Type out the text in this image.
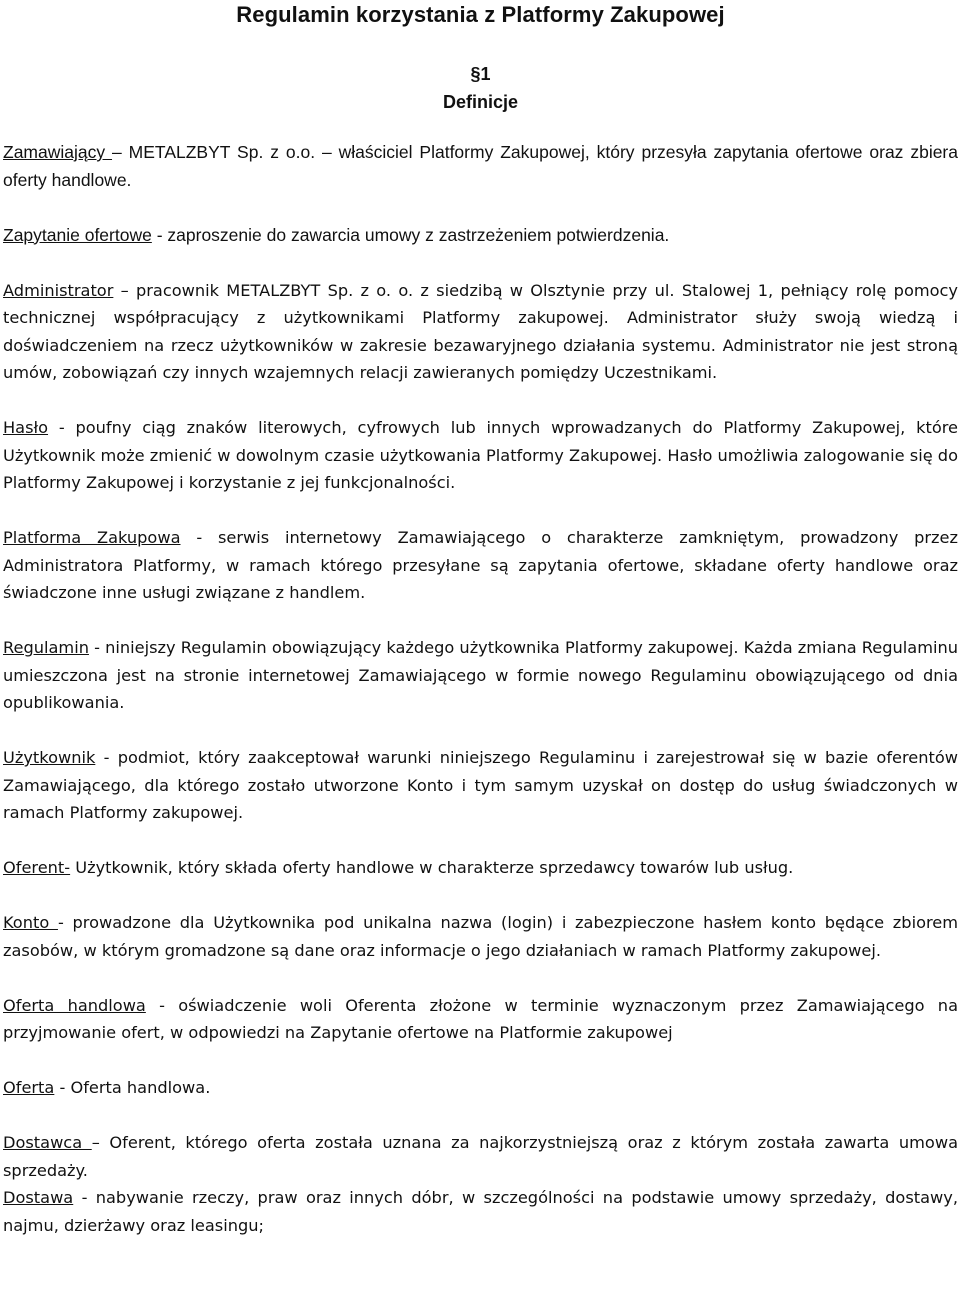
Regulamin korzystania z Platformy Zakupowej
§1
Definicje

Zamawiający – METALZBYT Sp. z o.o. – właściciel Platformy Zakupowej, który przesyła zapytania ofertowe oraz zbiera oferty handlowe.

Zapytanie ofertowe - zaproszenie do zawarcia umowy z zastrzeżeniem potwierdzenia.

Administrator – pracownik METALZBYT Sp. z o. o. z siedzibą w Olsztynie przy ul. Stalowej 1, pełniący rolę pomocy technicznej współpracujący z użytkownikami Platformy zakupowej. Administrator służy swoją wiedzą i doświadczeniem na rzecz użytkowników w zakresie bezawaryjnego działania systemu. Administrator nie jest stroną umów, zobowiązań czy innych wzajemnych relacji zawieranych pomiędzy Uczestnikami.

Hasło - poufny ciąg znaków literowych, cyfrowych lub innych wprowadzanych do Platformy Zakupowej, które Użytkownik może zmienić w dowolnym czasie użytkowania Platformy Zakupowej. Hasło umożliwia zalogowanie się do Platformy Zakupowej i korzystanie z jej funkcjonalności.

Platforma Zakupowa - serwis internetowy Zamawiającego o charakterze zamkniętym, prowadzony przez Administratora Platformy, w ramach którego przesyłane są zapytania ofertowe, składane oferty handlowe oraz świadczone inne usługi związane z handlem.

Regulamin - niniejszy Regulamin obowiązujący każdego użytkownika Platformy zakupowej. Każda zmiana Regulaminu umieszczona jest na stronie internetowej Zamawiającego w formie nowego Regulaminu obowiązującego od dnia opublikowania.

Użytkownik - podmiot, który zaakceptował warunki niniejszego Regulaminu i zarejestrował się w bazie oferentów Zamawiającego, dla którego zostało utworzone Konto i tym samym uzyskał on dostęp do usług świadczonych w ramach Platformy zakupowej.

Oferent- Użytkownik, który składa oferty handlowe w charakterze sprzedawcy towarów lub usług.

Konto - prowadzone dla Użytkownika pod unikalna nazwa (login) i zabezpieczone hasłem konto będące zbiorem zasobów, w którym gromadzone są dane oraz informacje o jego działaniach w ramach Platformy zakupowej.

Oferta handlowa - oświadczenie woli Oferenta złożone w terminie wyznaczonym przez Zamawiającego na przyjmowanie ofert, w odpowiedzi na Zapytanie ofertowe na Platformie zakupowej

Oferta - Oferta handlowa.

Dostawca – Oferent, którego oferta została uznana za najkorzystniejszą oraz z którym została zawarta umowa sprzedaży.

Dostawa - nabywanie rzeczy, praw oraz innych dóbr, w szczególności na podstawie umowy sprzedaży, dostawy, najmu, dzierżawy oraz leasingu;
